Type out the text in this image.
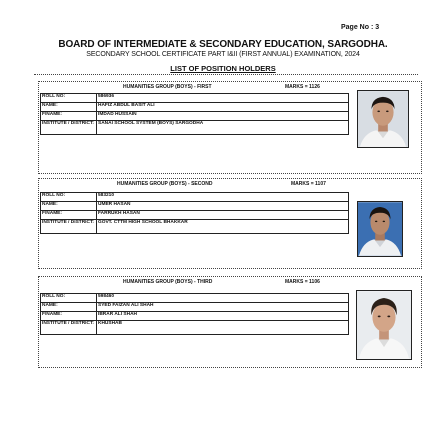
Page No : 3
BOARD OF INTERMEDIATE & SECONDARY EDUCATION, SARGODHA.
SECONDARY SCHOOL CERTIFICATE PART I&II (FIRST ANNUAL) EXAMINATION, 2024
LIST OF POSITION HOLDERS
HUMANITIES GROUP (BOYS) - FIRST	MARKS = 1126
ROLL NO:	586936
NAME:	HAFIZ ABDUL BASIT ALI
F/NAME:	IMDAD HUSSAIN
INSTITUTE / DISTRICT:	SANAI SCHOOL SYSTEM (BOYS) SARGODHA
HUMANITIES GROUP (BOYS) - SECOND	MARKS = 1107
ROLL NO:	583210
NAME:	UMER HASAN
F/NAME:	FARRUKH HASAN
INSTITUTE / DISTRICT:	GOVT. CTTM HIGH SCHOOL BHAKKAR
HUMANITIES GROUP (BOYS) - THIRD	MARKS = 1106
ROLL NO:	598460
NAME:	SYED FAIZAN ALI SHAH
F/NAME:	IBRAR ALI SHAH
INSTITUTE / DISTRICT:	KHUSHAB
